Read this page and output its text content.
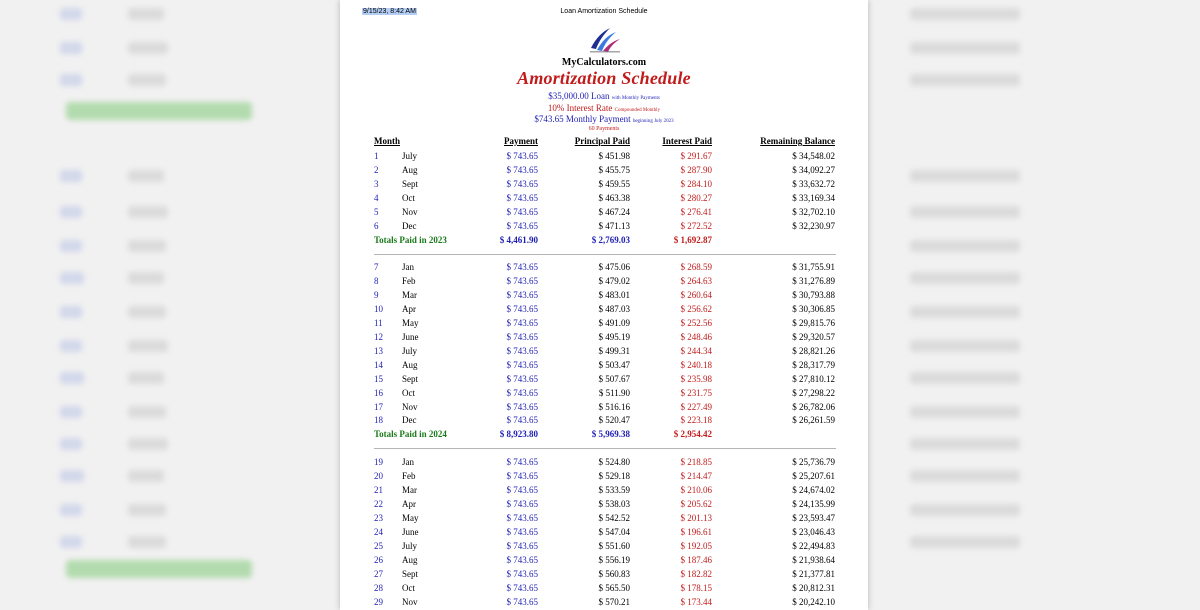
Loan Amortization Schedule
9/15/23, 8:42 AM
MyCalculators.com
Amortization Schedule
$35,000.00 Loan with Monthly Payments
10% Interest Rate Compounded Monthly
$743.65 Monthly Payment beginning July 2023
60 Payments
Month	Payment	Principal Paid	Interest Paid	Remaining Balance
1	July	$ 743.65	$ 451.98	$ 291.67	$ 34,548.02
2	Aug	$ 743.65	$ 455.75	$ 287.90	$ 34,092.27
3	Sept	$ 743.65	$ 459.55	$ 284.10	$ 33,632.72
4	Oct	$ 743.65	$ 463.38	$ 280.27	$ 33,169.34
5	Nov	$ 743.65	$ 467.24	$ 276.41	$ 32,702.10
6	Dec	$ 743.65	$ 471.13	$ 272.52	$ 32,230.97
Totals Paid in 2023	$ 4,461.90	$ 2,769.03	$ 1,692.87
7	Jan	$ 743.65	$ 475.06	$ 268.59	$ 31,755.91
8	Feb	$ 743.65	$ 479.02	$ 264.63	$ 31,276.89
9	Mar	$ 743.65	$ 483.01	$ 260.64	$ 30,793.88
10 Apr	$ 743.65	$ 487.03	$ 256.62	$ 30,306.85
11 May	$ 743.65	$ 491.09	$ 252.56	$ 29,815.76
12 June	$ 743.65	$ 495.19	$ 248.46	$ 29,320.57
13 July	$ 743.65	$ 499.31	$ 244.34	$ 28,821.26
14 Aug	$ 743.65	$ 503.47	$ 240.18	$ 28,317.79
15 Sept	$ 743.65	$ 507.67	$ 235.98	$ 27,810.12
16 Oct	$ 743.65	$ 511.90	$ 231.75	$ 27,298.22
17 Nov	$ 743.65	$ 516.16	$ 227.49	$ 26,782.06
18 Dec	$ 743.65	$ 520.47	$ 223.18	$ 26,261.59
Totals Paid in 2024	$ 8,923.80	$ 5,969.38	$ 2,954.42
19 Jan	$ 743.65	$ 524.80	$ 218.85	$ 25,736.79
20 Feb	$ 743.65	$ 529.18	$ 214.47	$ 25,207.61
21 Mar	$ 743.65	$ 533.59	$ 210.06	$ 24,674.02
22 Apr	$ 743.65	$ 538.03	$ 205.62	$ 24,135.99
23 May	$ 743.65	$ 542.52	$ 201.13	$ 23,593.47
24 June	$ 743.65	$ 547.04	$ 196.61	$ 23,046.43
25 July	$ 743.65	$ 551.60	$ 192.05	$ 22,494.83
26 Aug	$ 743.65	$ 556.19	$ 187.46	$ 21,938.64
27 Sept	$ 743.65	$ 560.83	$ 182.82	$ 21,377.81
28 Oct	$ 743.65	$ 565.50	$ 178.15	$ 20,812.31
29 Nov	$ 743.65	$ 570.21	$ 173.44	$ 20,242.10
